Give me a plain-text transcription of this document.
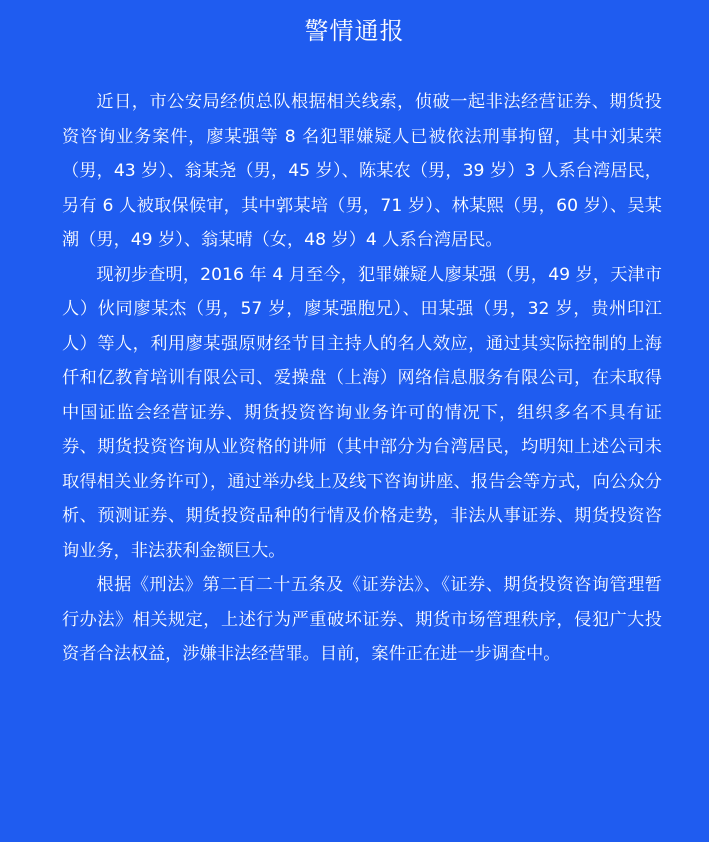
警情通报

近日，市公安局经侦总队根据相关线索，侦破一起非法经营证券、期货投资咨询业务案件，廖某强等 8 名犯罪嫌疑人已被依法刑事拘留，其中刘某荣（男，43 岁）、翁某尧（男，45 岁）、陈某农（男，39 岁）3 人系台湾居民，另有 6 人被取保候审，其中郭某培（男，71 岁）、林某熙（男，60 岁）、吴某潮（男，49 岁）、翁某晴（女，48 岁）4 人系台湾居民。

现初步查明，2016 年 4 月至今，犯罪嫌疑人廖某强（男，49 岁，天津市人）伙同廖某杰（男，57 岁，廖某强胞兄）、田某强（男，32 岁，贵州印江人）等人，利用廖某强原财经节目主持人的名人效应，通过其实际控制的上海仟和亿教育培训有限公司、爱操盘（上海）网络信息服务有限公司，在未取得中国证监会经营证券、期货投资咨询业务许可的情况下，组织多名不具有证券、期货投资咨询从业资格的讲师（其中部分为台湾居民，均明知上述公司未取得相关业务许可），通过举办线上及线下咨询讲座、报告会等方式，向公众分析、预测证券、期货投资品种的行情及价格走势，非法从事证券、期货投资咨询业务，非法获利金额巨大。

根据《刑法》第二百二十五条及《证券法》、《证券、期货投资咨询管理暂行办法》相关规定，上述行为严重破坏证券、期货市场管理秩序，侵犯广大投资者合法权益，涉嫌非法经营罪。目前，案件正在进一步调查中。
